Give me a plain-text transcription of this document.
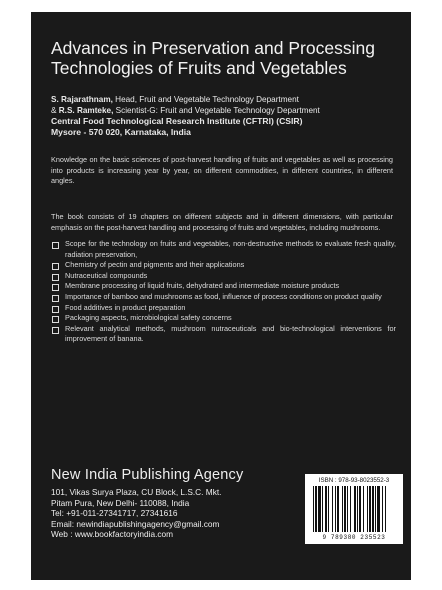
Advances in Preservation and Processing
Technologies of Fruits and Vegetables
S. Rajarathnam, Head, Fruit and Vegetable Technology Department
& R.S. Ramteke, Scientist-G: Fruit and Vegetable Technology Department
Central Food Technological Research Institute (CFTRI) (CSIR)
Mysore - 570 020, Karnataka, India
Knowledge on the basic sciences of post-harvest handling of fruits and vegetables as well as processing into products is increasing year by year, on different commodities, in different countries, in different angles.
The book consists of 19 chapters on different subjects and in different dimensions, with particular emphasis on the post-harvest handling and processing of fruits and vegetables, including mushrooms.
Scope for the technology on fruits and vegetables, non-destructive methods to evaluate fresh quality, radiation preservation,
Chemistry of pectin and pigments and their applications
Nutraceutical compounds
Membrane processing of liquid fruits, dehydrated and intermediate moisture products
Importance of bamboo and mushrooms as food, influence of process conditions on product quality
Food additives in product preparation
Packaging aspects, microbiological safety concerns
Relevant analytical methods, mushroom nutraceuticals and bio-technological interventions for improvement of banana.
New India Publishing Agency
101, Vikas Surya Plaza, CU Block, L.S.C. Mkt.
Pitam Pura, New Delhi- 110088, India
Tel: +91-011-27341717, 27341616
Email: newindiapublishingagency@gmail.com
Web : www.bookfactoryindia.com
ISBN : 978-93-8023552-3
9 789380 235523
